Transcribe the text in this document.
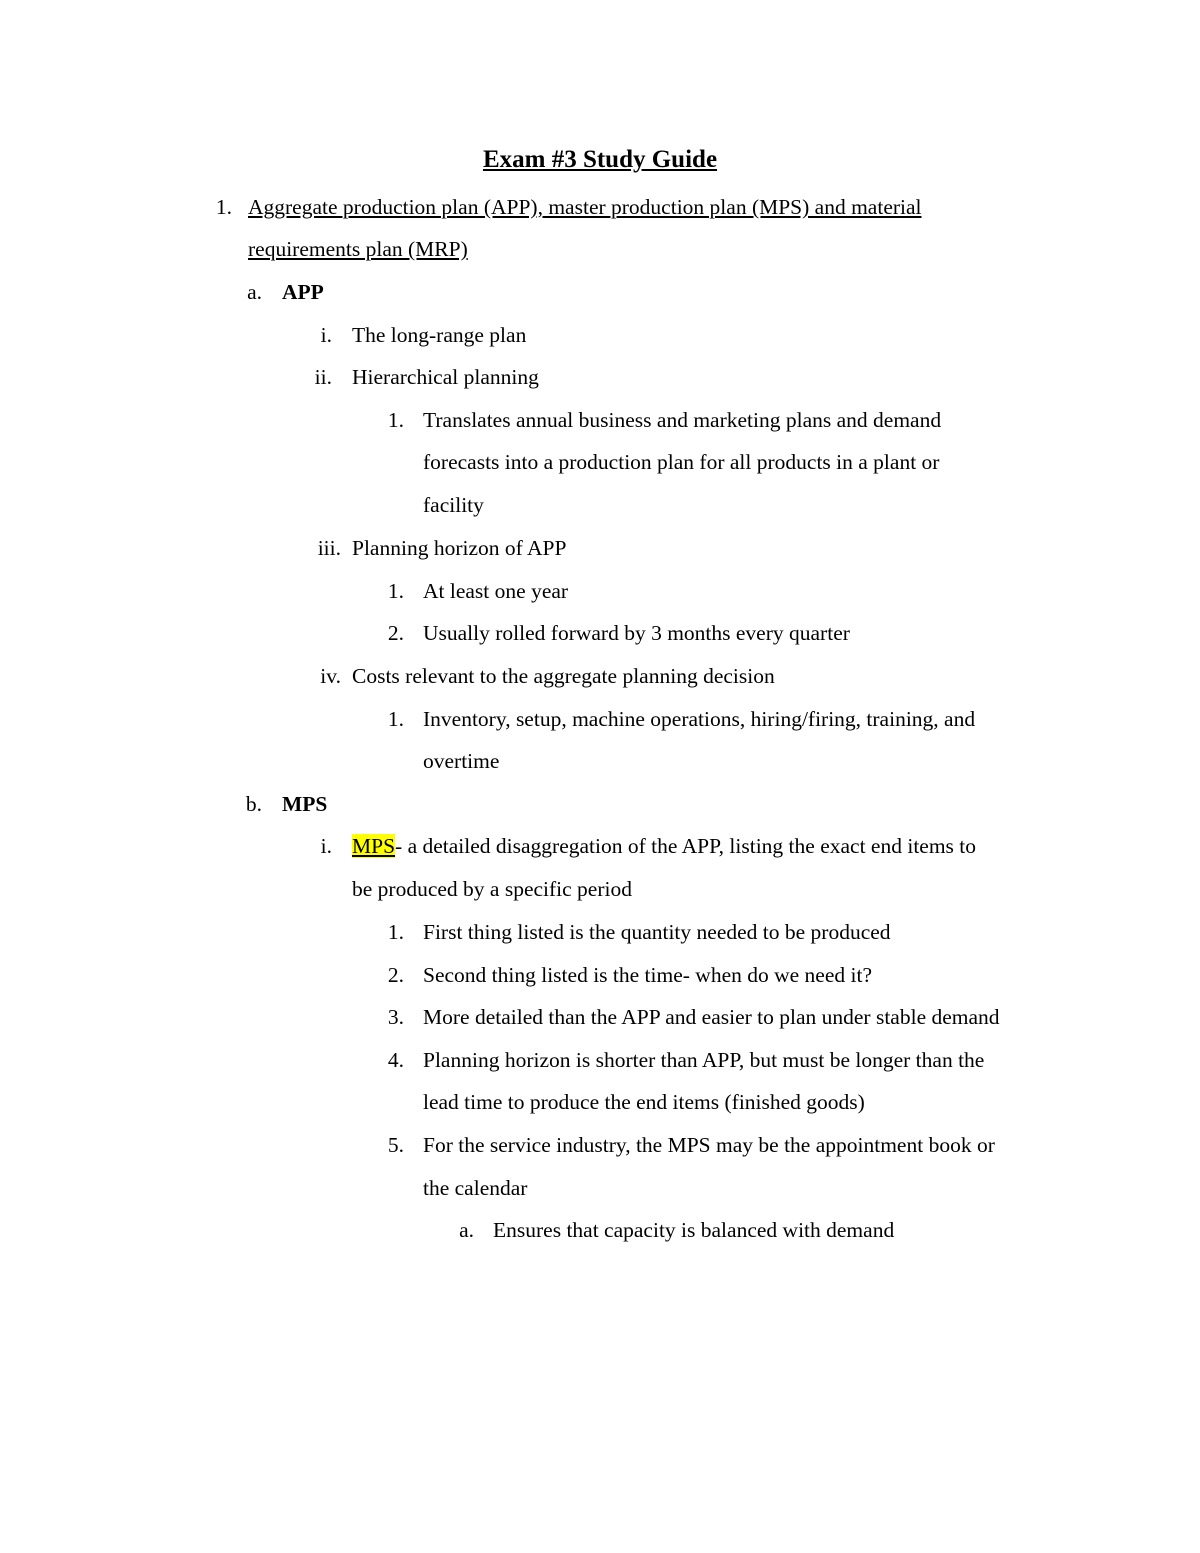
Exam #3 Study Guide
1. Aggregate production plan (APP), master production plan (MPS) and material
requirements plan (MRP)
a. APP
i. The long-range plan
ii. Hierarchical planning
1. Translates annual business and marketing plans and demand
forecasts into a production plan for all products in a plant or
facility
iii. Planning horizon of APP
1. At least one year
2. Usually rolled forward by 3 months every quarter
iv. Costs relevant to the aggregate planning decision
1. Inventory, setup, machine operations, hiring/firing, training, and
overtime
b. MPS
i. MPS- a detailed disaggregation of the APP, listing the exact end items to
be produced by a specific period
1. First thing listed is the quantity needed to be produced
2. Second thing listed is the time- when do we need it?
3. More detailed than the APP and easier to plan under stable demand
4. Planning horizon is shorter than APP, but must be longer than the
lead time to produce the end items (finished goods)
5. For the service industry, the MPS may be the appointment book or
the calendar
a. Ensures that capacity is balanced with demand
